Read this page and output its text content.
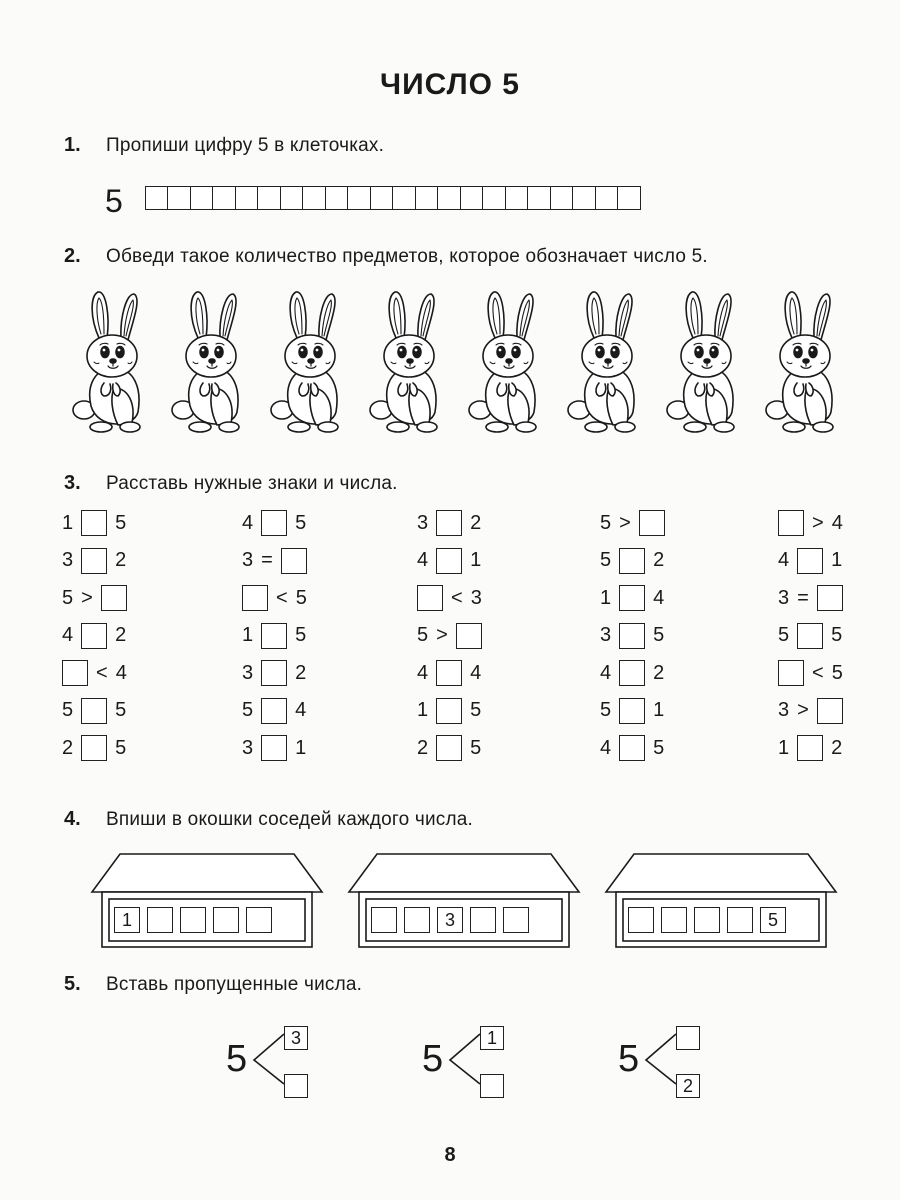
ЧИСЛО 5
1. Пропиши цифру 5 в клеточках.
5
2. Обведи такое количество предметов, которое обозначает число 5.
3. Расставь нужные знаки и числа.
1 5	4 5	3 2	5 >	> 4
3 2	3 =	4 1	5 2	4 1
5 >	< 5	< 3	1 4	3 =
4 2	1 5	5 >	3 5	5 5
< 4	3 2	4 4	4 2	< 5
5 5	5 4	1 5	5 1	3 >
2 5	3 1	2 5	4 5	1 2
4. Впиши в окошки соседей каждого числа.
1	3	5
5. Вставь пропущенные числа.
5
3
5
1
5
2
8
